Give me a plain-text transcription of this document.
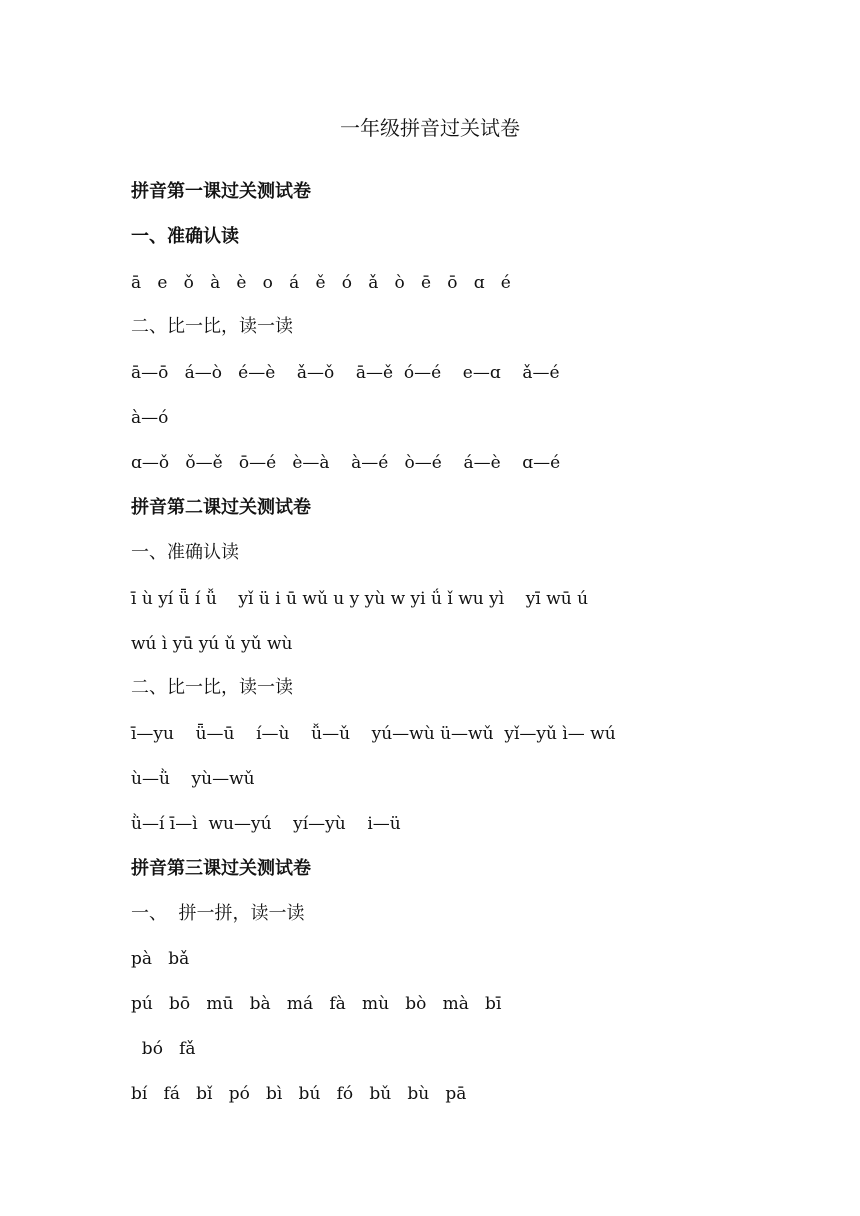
一年级拼音过关试卷
拼音第一课过关测试卷
一、准确认读
ā   e   ǒ   à   è   o   á   ě   ó   ǎ   ò   ē   ō   ɑ   é
二、比一比，读一读
ā—ō   á—ò   é—è    ǎ—ǒ    ā—ě  ó—é    e—ɑ    ǎ—é
à—ó
ɑ—ǒ   ǒ—ě   ō—é   è—à    à—é   ò—é    á—è    ɑ—é
拼音第二课过关测试卷
一、准确认读
ī ù yí ǖ í ǚ    yǐ ü i ū wǔ u y yù w yi ǘ ǐ wu yì    yī wū ú
wú ì yū yú ǔ yǔ wù
二、比一比，读一读
ī—yu    ǖ—ū    í—ù    ǚ—ǔ    yú—wù ü—wǔ  yǐ—yǔ ì— wú
ù—ǜ    yù—wǔ
ǜ—í ī—ì  wu—yú    yí—yù    i—ü
拼音第三课过关测试卷
一、  拼一拼，读一读
pà   bǎ
pú   bō   mū   bà   má   fà   mù   bò   mà   bī
bó   fǎ
bí   fá   bǐ   pó   bì   bú   fó   bǔ   bù   pā
